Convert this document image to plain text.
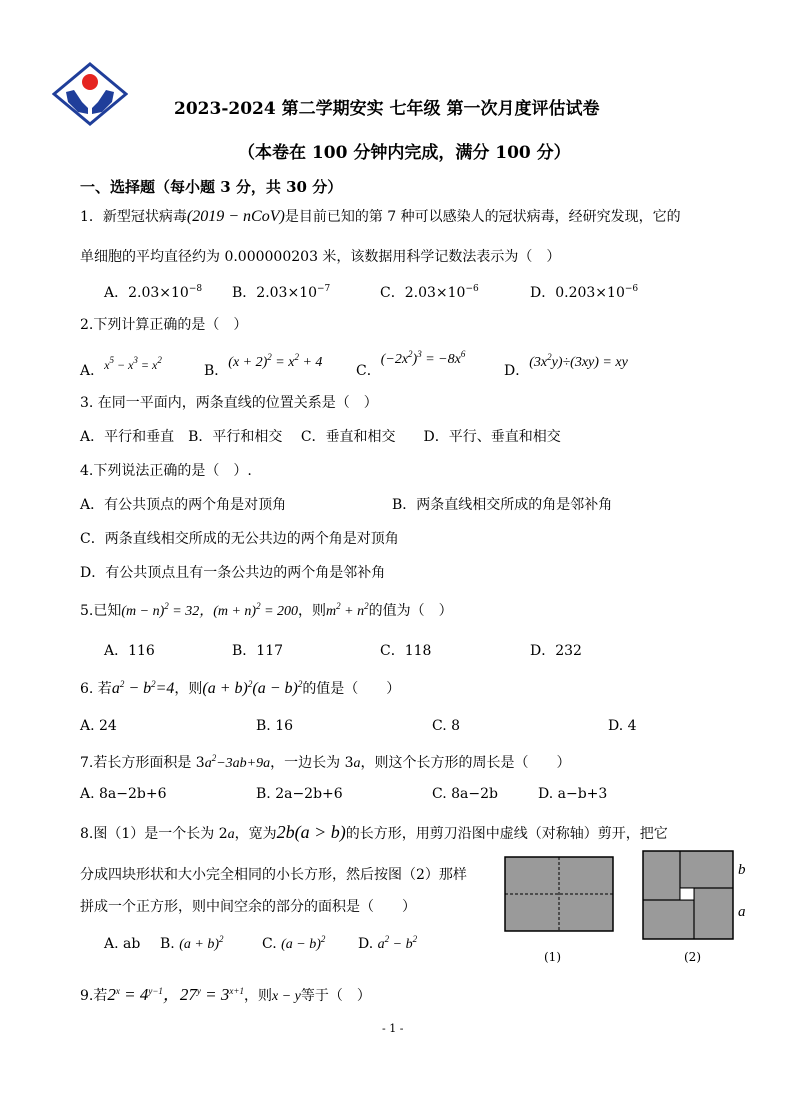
2023-2024 第二学期安实 七年级 第一次月度评估试卷
（本卷在 100 分钟内完成，满分 100 分）
一、选择题（每小题 3 分，共 30 分）
1．新型冠状病毒(2019 − nCoV)是目前已知的第 7 种可以感染人的冠状病毒，经研究发现，它的
单细胞的平均直径约为 0.000000203 米，该数据用科学记数法表示为（　）
A．$2.03\times 10^{-8}$ B．$2.03\times 10^{-7}$	C．$2.03\times 10^{-6}$	D．$0.203\times 10^{-6}$
2.下列计算正确的是（　）
A．$x^5 - x^3 = x^2$
B．$(x + 2)^2 = x^2 + 4$
C．$(-2x^2)^3 = -8x^6$
D．$(3x^2y)\div(3xy)$ = xy
3. 在同一平面内，两条直线的位置关系是（　）
A．平行和垂直　B．平行和相交　 C．垂直和相交　　D．平行、垂直和相交
4.下列说法正确的是（　）.
A．有公共顶点的两个角是对顶角	B．两条直线相交所成的角是邻补角
C．两条直线相交所成的无公共边的两个角是对顶角
D．有公共顶点且有一条公共边的两个角是邻补角
5.已知$(m - n)^2 = 32$，$(m + n)^2 = 200$，则$m^2 + n^2$的值为（　）
A．116	B．117	C．118	D．232
6. 若$a^2 - b^2=4$，则$(a + b)^2(a - b)^2$的值是（　　）
A. 24	B. 16	C. 8	D. 4
7.若长方形面积是 $3a^2-3ab+9a$，一边长为 3a，则这个长方形的周长是（　　）
A. 8a−2b+6	B. 2a−2b+6	C. 8a−2b	D. a−b+3
8.图（1）是一个长为 2a，宽为2b(a > b)的长方形，用剪刀沿图中虚线（对称轴）剪开，把它
分成四块形状和大小完全相同的小长方形，然后按图（2）那样
拼成一个正方形，则中间空余的部分的面积是（　　）
A. ab B. $(a + b)^2$	C. $(a - b)^2$ D. $a^2 - b^2$
(1)
b
a
(2)
9.若$2^x = 4^{y-1}$，$27^y = 3^{x+1}$，则x − y等于（　）
- 1 -
